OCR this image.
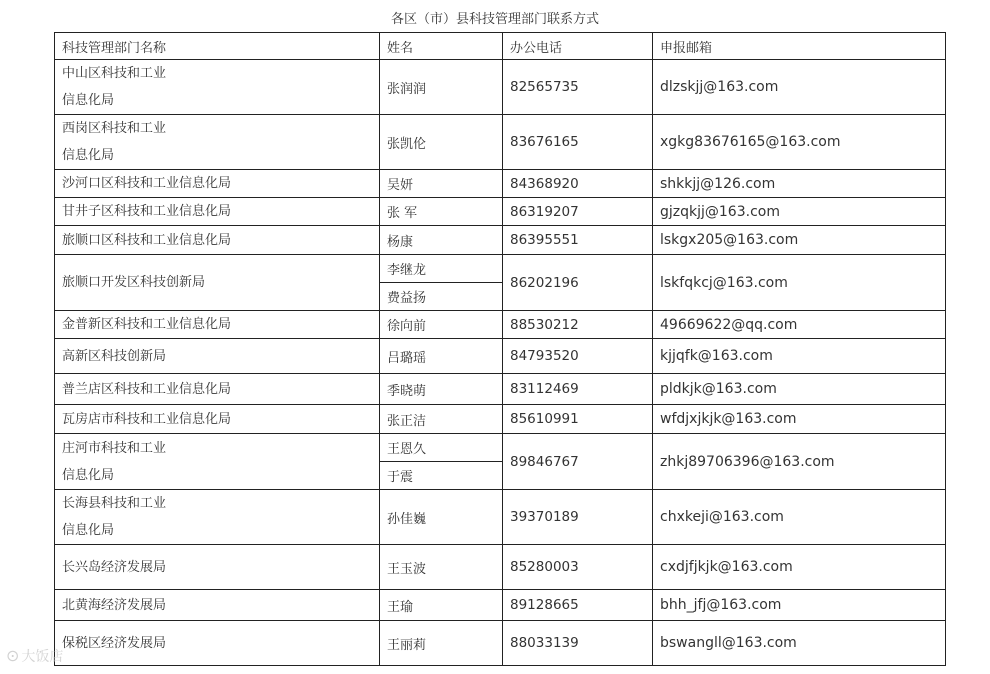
各区（市）县科技管理部门联系方式
科技管理部门名称	姓名	办公电话	申报邮箱
中山区科技和工业
信息化局	张润润	82565735	dlzskjj@163.com
西岗区科技和工业
信息化局	张凯伦	83676165	xgkg83676165@163.com
沙河口区科技和工业信息化局	吴妍	84368920	shkkjj@126.com
甘井子区科技和工业信息化局	张 军	86319207	gjzqkjj@163.com
旅顺口区科技和工业信息化局	杨康	86395551	lskgx205@163.com
旅顺口开发区科技创新局	李继龙	86202196	lskfqkcj@163.com
	费益扬		
金普新区科技和工业信息化局	徐向前	88530212	49669622@qq.com
高新区科技创新局	吕璐瑶	84793520	kjjqfk@163.com
普兰店区科技和工业信息化局	季晓萌	83112469	pldkjk@163.com
瓦房店市科技和工业信息化局	张正洁	85610991	wfdjxjkjk@163.com
庄河市科技和工业
信息化局	王恩久	89846767	zhkj89706396@163.com
	于震		
长海县科技和工业
信息化局	孙佳巍	39370189	chxkeji@163.com
长兴岛经济发展局	王玉波	85280003	cxdjfjkjk@163.com
北黄海经济发展局	王瑜	89128665	bhh_jfj@163.com
保税区经济发展局	王丽莉	88033139	bswangll@163.com
⊙ 大饭店
